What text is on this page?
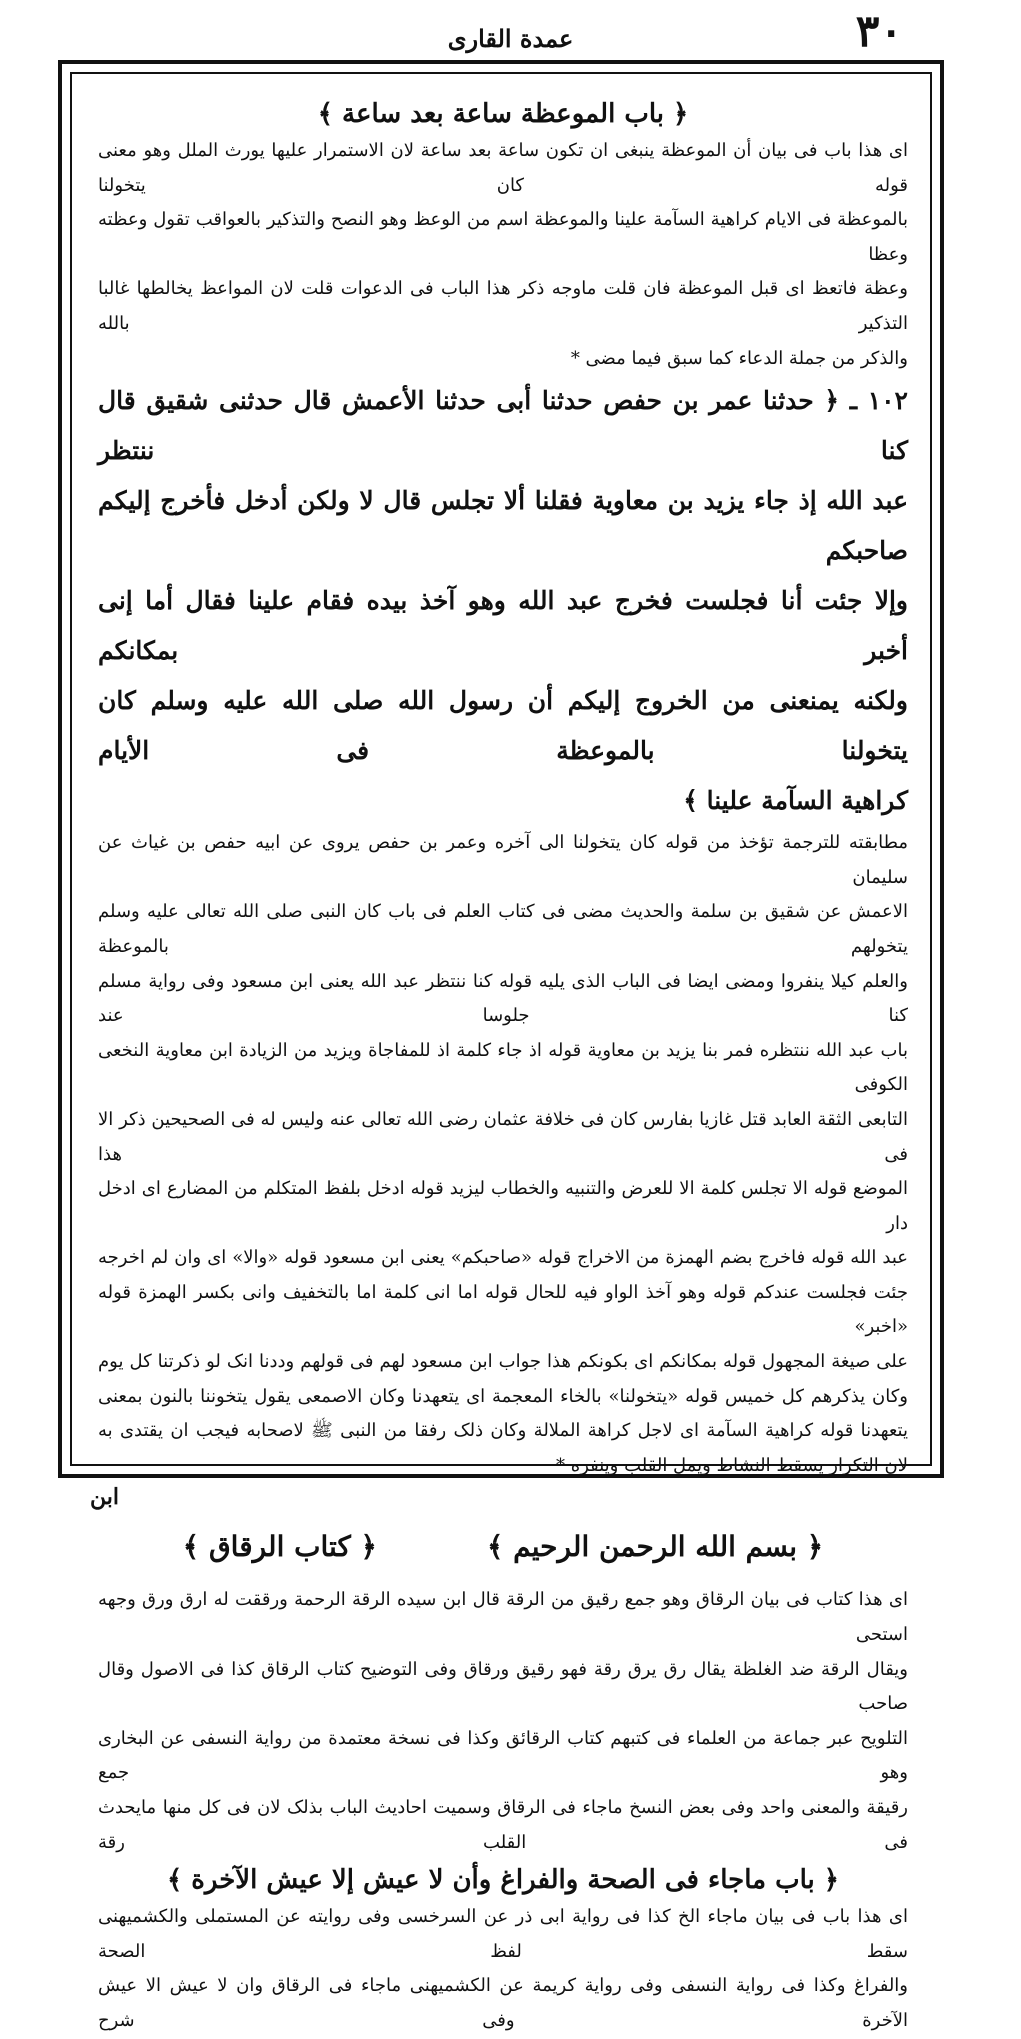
عمدة القاری	۳۰
﴿ باب الموعظة ساعة بعد ساعة ﴾
ای هذا باب فی بیان أن الموعظة ینبغی ان تکون ساعة بعد ساعة لان الاستمرار علیها یورث الملل وهو معنی قوله کان یتخولنا
بالموعظة فی الایام کراهیة السآمة علینا والموعظة اسم من الوعظ وهو النصح والتذکیر بالعواقب تقول وعظته وعظا
وعظة فاتعظ ای قبل الموعظة فان قلت ماوجه ذکر هذا الباب فی الدعوات قلت لان المواعظ یخالطها غالبا التذکیر بالله
والذکر من جملة الدعاء کما سبق فیما مضی *
١٠٢ ـ ﴿ حدثنا عمر بن حفص حدثنا أبی حدثنا الأعمش قال حدثنی شقیق قال کنا ننتظر
عبد الله إذ جاء یزید بن معاویة فقلنا ألا تجلس قال لا ولکن أدخل فأخرج إلیکم صاحبکم
وإلا جئت أنا فجلست فخرج عبد الله وهو آخذ بیده فقام علینا فقال أما إنی أخبر بمکانکم
ولکنه یمنعنی من الخروج إلیکم أن رسول الله صلی الله علیه وسلم کان یتخولنا بالموعظة فی الأیام
کراهیة السآمة علینا ﴾
مطابقته للترجمة تؤخذ من قوله کان یتخولنا الی آخره وعمر بن حفص یروی عن ابیه حفص بن غیاث عن سلیمان
الاعمش عن شقیق بن سلمة والحدیث مضی فی کتاب العلم فی باب کان النبی صلی الله تعالی علیه وسلم یتخولهم بالموعظة
والعلم کیلا ینفروا ومضی ایضا فی الباب الذی یلیه قوله کنا ننتظر عبد الله یعنی ابن مسعود وفی روایة مسلم کنا جلوسا عند
باب عبد الله ننتظره فمر بنا یزید بن معاویة قوله اذ جاء کلمة اذ للمفاجاة ویزید من الزیادة ابن معاویة النخعی الکوفی
التابعی الثقة العابد قتل غازیا بفارس کان فی خلافة عثمان رضی الله تعالی عنه ولیس له فی الصحیحین ذکر الا فی هذا
الموضع قوله الا تجلس کلمة الا للعرض والتنبیه والخطاب لیزید قوله ادخل بلفظ المتکلم من المضارع ای ادخل دار
عبد الله قوله فاخرج بضم الهمزة من الاخراج قوله «صاحبکم» یعنی ابن مسعود قوله «والا» ای وان لم اخرجه
جئت فجلست عندکم قوله وهو آخذ الواو فیه للحال قوله اما انی کلمة اما بالتخفیف وانی بکسر الهمزة قوله «اخبر»
علی صیغة المجهول قوله بمکانکم ای بکونکم هذا جواب ابن مسعود لهم فی قولهم وددنا انک لو ذکرتنا کل یوم
وکان یذکرهم کل خمیس قوله «یتخولنا» بالخاء المعجمة ای یتعهدنا وکان الاصمعی یقول یتخوننا بالنون بمعنی
یتعهدنا قوله کراهیة السآمة ای لاجل کراهة الملالة وکان ذلک رفقا من النبی ﷺ لاصحابه فیجب ان یقتدی به
لان التکرار یسقط النشاط ویمل القلب وینفره *
﴿ بسم الله الرحمن الرحیم ﴾
﴿ کتاب الرقاق ﴾
ای هذا کتاب فی بیان الرقاق وهو جمع رقیق من الرقة قال ابن سیده الرقة الرحمة ورققت له ارق ورق وجهه استحی
ویقال الرقة ضد الغلظة یقال رق یرق رقة فهو رقیق ورقاق وفی التوضیح کتاب الرقاق کذا فی الاصول وقال صاحب
التلویح عبر جماعة من العلماء فی کتبهم کتاب الرقائق وکذا فی نسخة معتمدة من روایة النسفی عن البخاری وهو جمع
رقیقة والمعنی واحد وفی بعض النسخ ماجاء فی الرقاق وسمیت احادیث الباب بذلک لان فی کل منها مایحدث فی القلب رقة
﴿ باب ماجاء فی الصحة والفراغ وأن لا عیش إلا عیش الآخرة ﴾
ای هذا باب فی بیان ماجاء الخ کذا فی روایة ابی ذر عن السرخسی وفی روایته عن المستملی والکشمیهنی سقط لفظ الصحة
والفراغ وکذا فی روایة النسفی وفی روایة کریمة عن الکشمیهنی ماجاء فی الرقاق وان لا عیش الا عیش الآخرة وفی شرح
ابن
